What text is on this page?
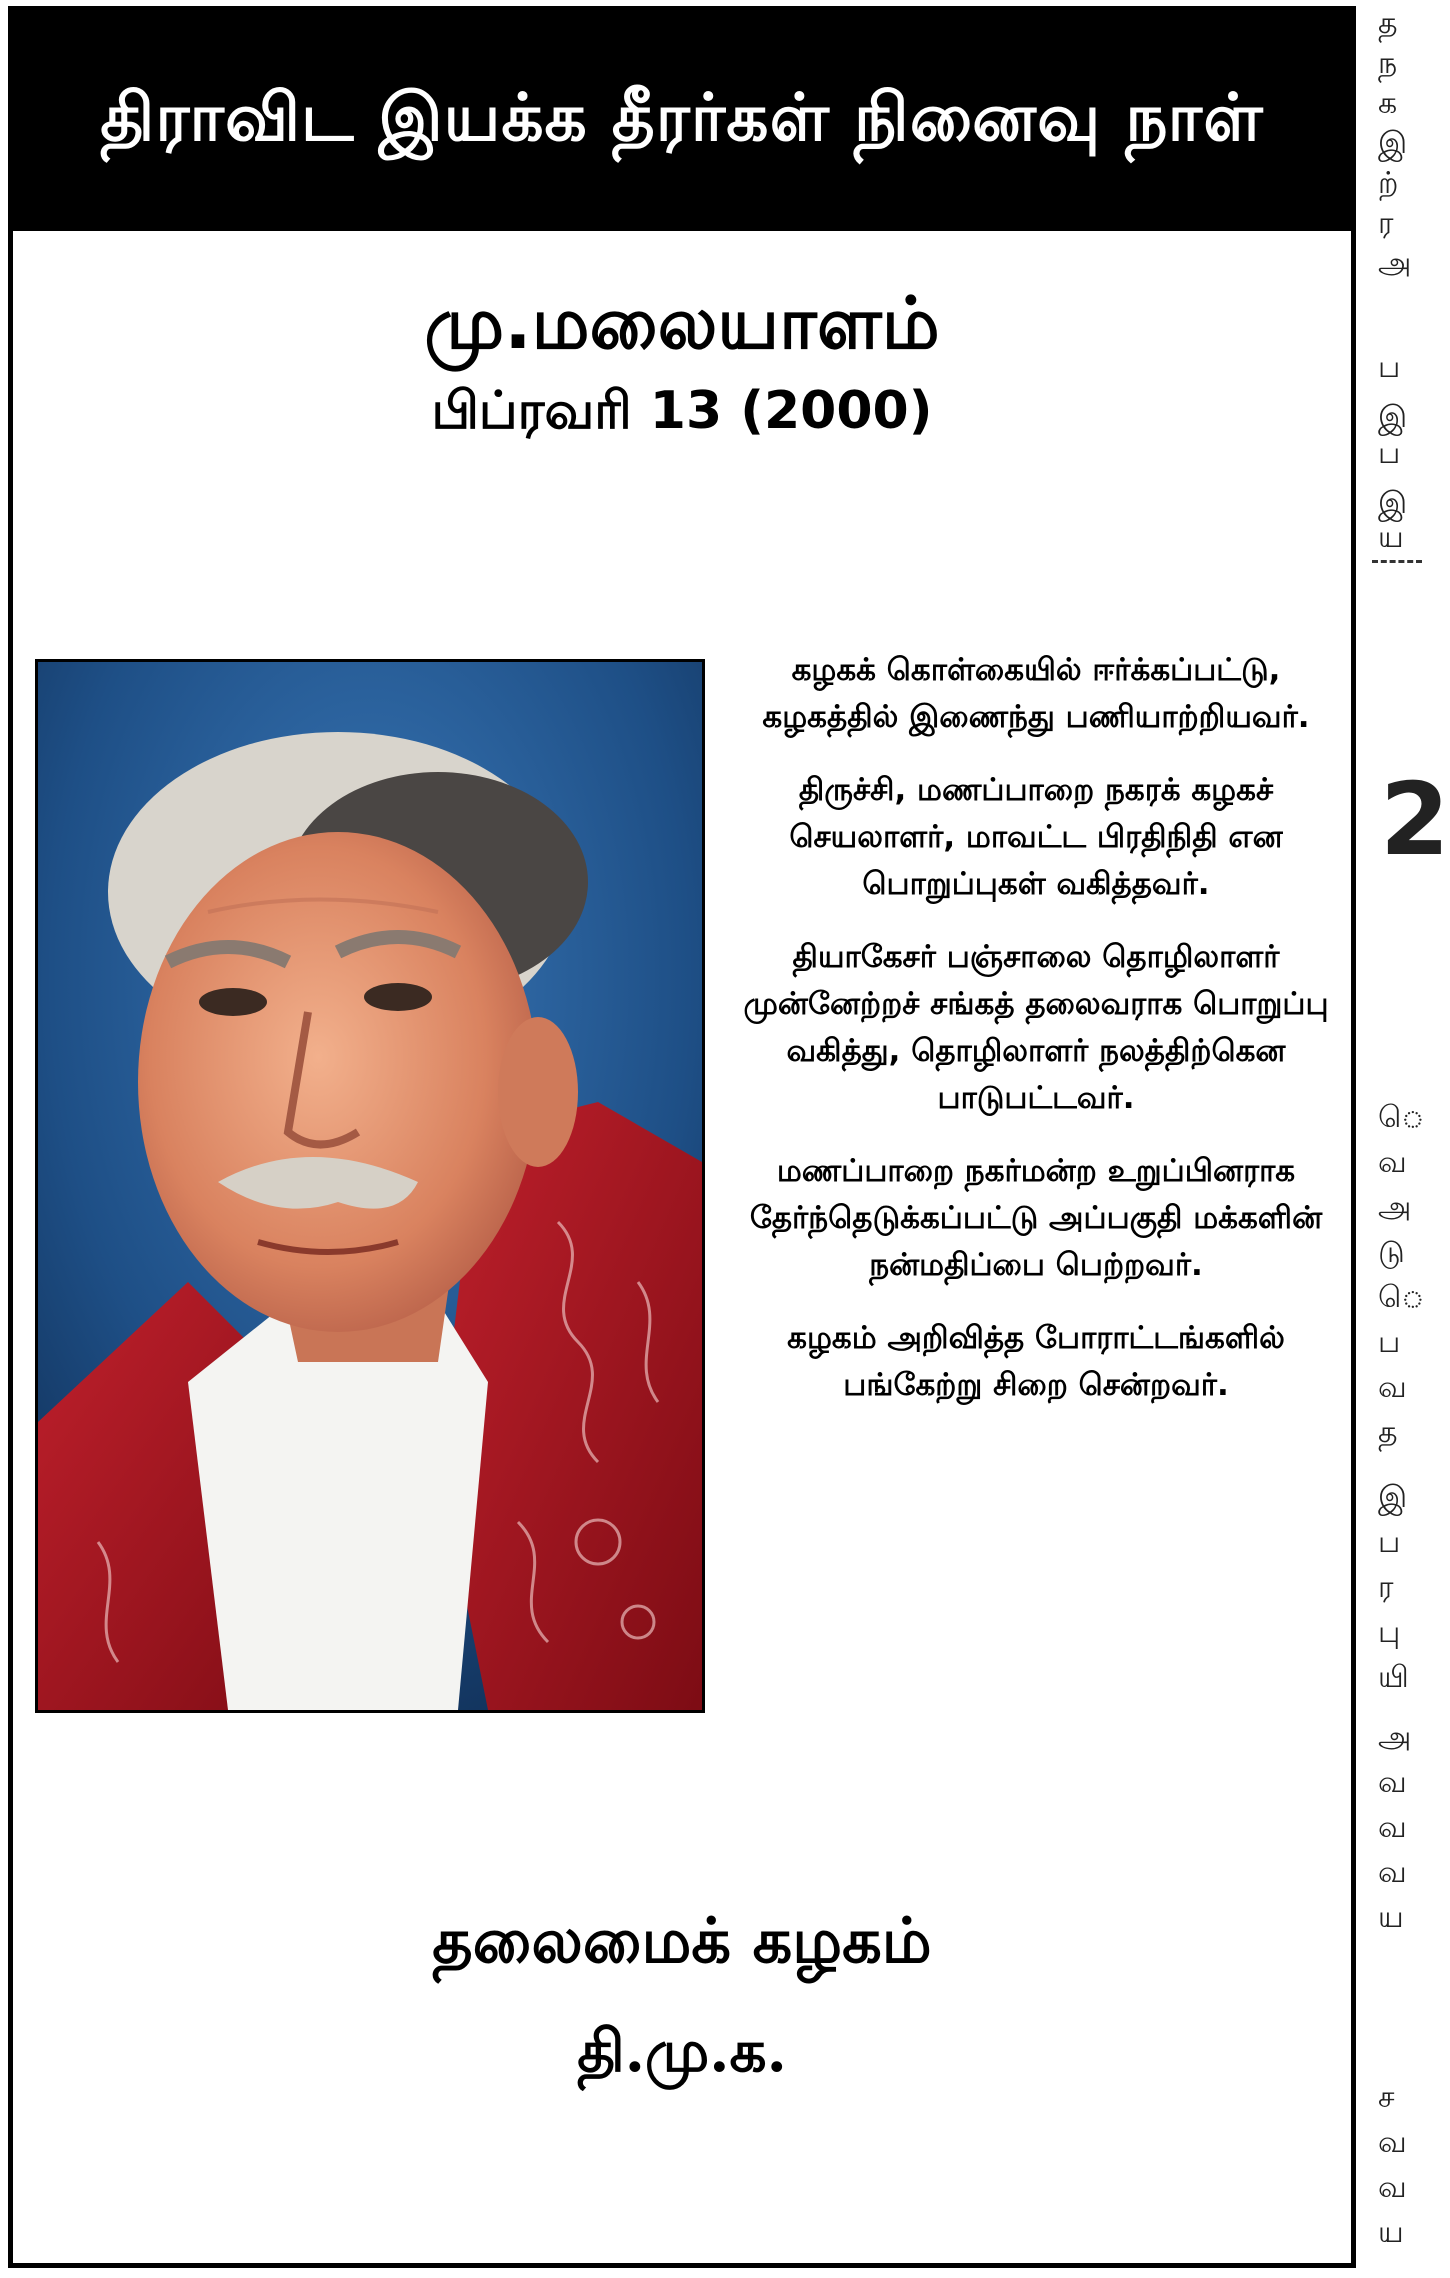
திராவிட இயக்க தீரர்கள் நினைவு நாள்
மு.மலையாளம்
பிப்ரவரி 13 (2000)

கழகக் கொள்கையில் ஈர்க்கப்பட்டு, கழகத்தில் இணைந்து பணியாற்றியவர்.

திருச்சி, மணப்பாறை நகரக் கழகச் செயலாளர், மாவட்ட பிரதிநிதி என பொறுப்புகள் வகித்தவர்.

தியாகேசர் பஞ்சாலை தொழிலாளர் முன்னேற்றச் சங்கத் தலைவராக பொறுப்பு வகித்து, தொழிலாளர் நலத்திற்கென பாடுபட்டவர்.

மணப்பாறை நகர்மன்ற உறுப்பினராக தேர்ந்தெடுக்கப்பட்டு அப்பகுதி மக்களின் நன்மதிப்பை பெற்றவர்.

கழகம் அறிவித்த போராட்டங்களில் பங்கேற்று சிறை சென்றவர்.

தலைமைக் கழகம்
தி.மு.க.
த
ந
க
இ
ற்
ர
அ
ப
இ
ப
இ
ய
2
ெ
வ
அ
டு
ெ
ப
வ
த
இ
ப
ர
பு
யி
அ
வ
வ
வ
ய
ச
வ
வ
ய
